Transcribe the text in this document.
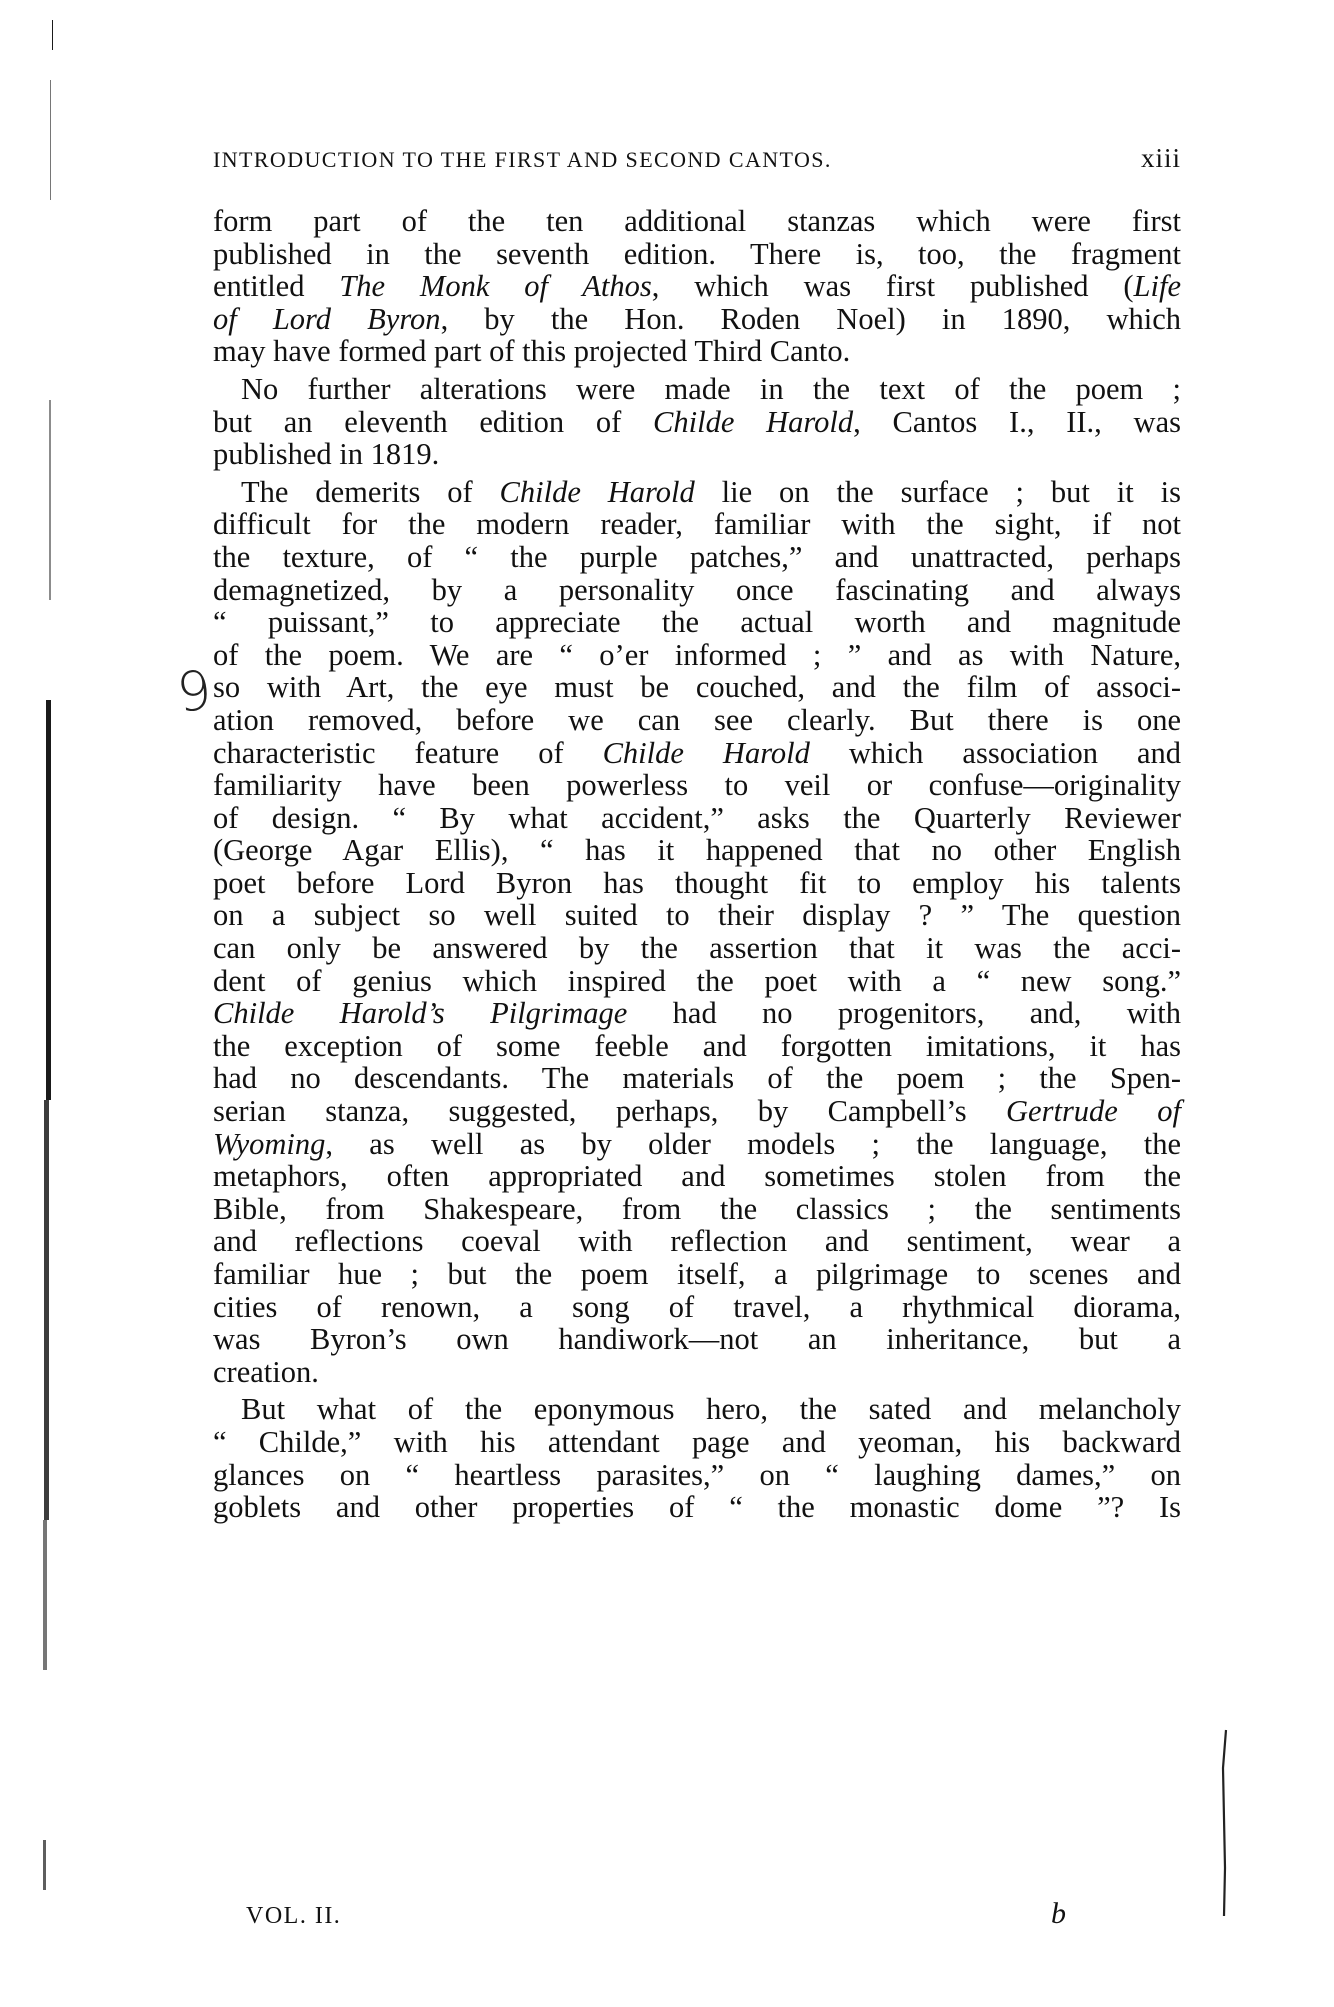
INTRODUCTION TO THE FIRST AND SECOND CANTOS.	xiii
9
form part of the ten additional stanzas which were first
published in the seventh edition. There is, too, the fragment
entitled The Monk of Athos, which was first published (Life
of Lord Byron, by the Hon. Roden Noel) in 1890, which
may have formed part of this projected Third Canto.
No further alterations were made in the text of the poem ;
but an eleventh edition of Childe Harold, Cantos I., II., was
published in 1819.
The demerits of Childe Harold lie on the surface ; but it is
difficult for the modern reader, familiar with the sight, if not
the texture, of “ the purple patches,” and unattracted, perhaps
demagnetized, by a personality once fascinating and always
“ puissant,” to appreciate the actual worth and magnitude
of the poem. We are “ o’er informed ; ” and as with Nature,
so with Art, the eye must be couched, and the film of associ-
ation removed, before we can see clearly. But there is one
characteristic feature of Childe Harold which association and
familiarity have been powerless to veil or confuse—originality
of design. “ By what accident,” asks the Quarterly Reviewer
(George Agar Ellis), “ has it happened that no other English
poet before Lord Byron has thought fit to employ his talents
on a subject so well suited to their display ? ” The question
can only be answered by the assertion that it was the acci-
dent of genius which inspired the poet with a “ new song.”
Childe Harold’s Pilgrimage had no progenitors, and, with
the exception of some feeble and forgotten imitations, it has
had no descendants. The materials of the poem ; the Spen-
serian stanza, suggested, perhaps, by Campbell’s Gertrude of
Wyoming, as well as by older models ; the language, the
metaphors, often appropriated and sometimes stolen from the
Bible, from Shakespeare, from the classics ; the sentiments
and reflections coeval with reflection and sentiment, wear a
familiar hue ; but the poem itself, a pilgrimage to scenes and
cities of renown, a song of travel, a rhythmical diorama,
was Byron’s own handiwork—not an inheritance, but a
creation.
But what of the eponymous hero, the sated and melancholy
“ Childe,” with his attendant page and yeoman, his backward
glances on “ heartless parasites,” on “ laughing dames,” on
goblets and other properties of “ the monastic dome ”? Is
VOL. II.	b
